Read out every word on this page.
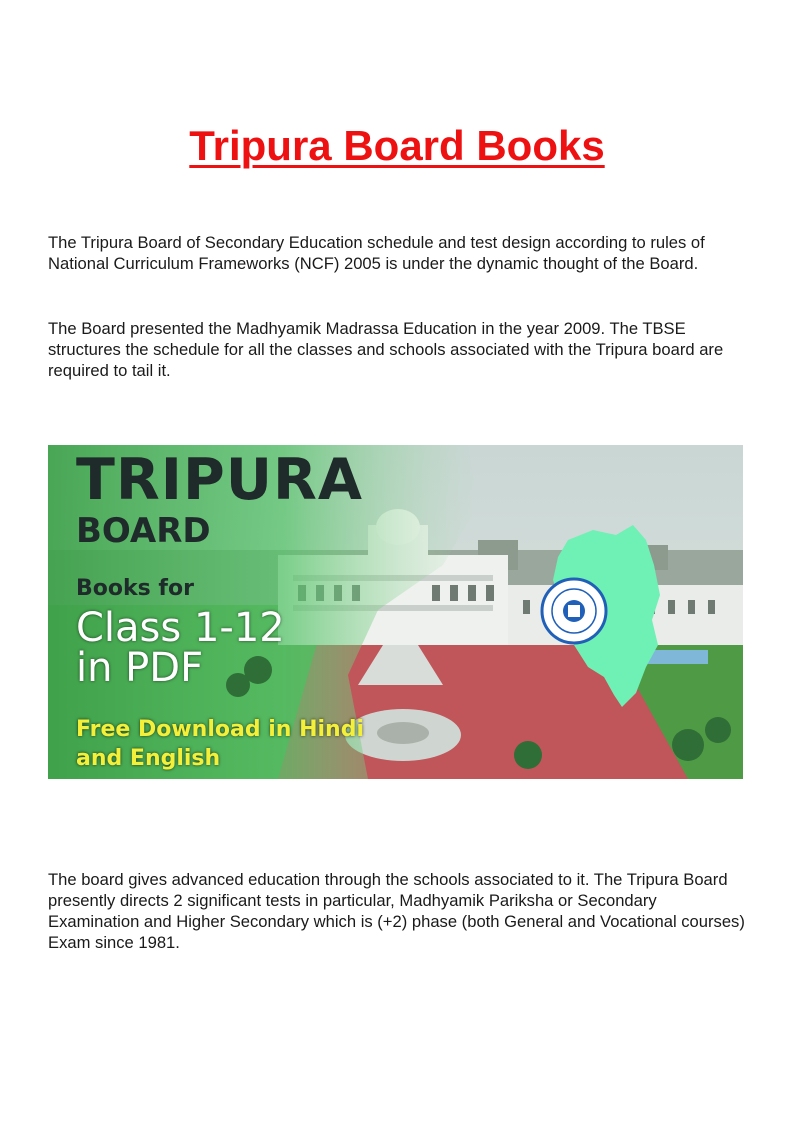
Tripura Board Books

The Tripura Board of Secondary Education schedule and test design according to rules of National Curriculum Frameworks (NCF) 2005 is under the dynamic thought of the Board.

The Board presented the Madhyamik Madrassa Education in the year 2009. The TBSE structures the schedule for all the classes and schools associated with the Tripura board are required to tail it.

TRIPURA
BOARD
Books for
Class 1-12
in PDF
Free Download in Hindi
and English

The board gives advanced education through the schools associated to it. The Tripura Board presently directs 2 significant tests in particular, Madhyamik Pariksha or Secondary Examination and Higher Secondary which is (+2) phase (both General and Vocational courses) Exam since 1981.
